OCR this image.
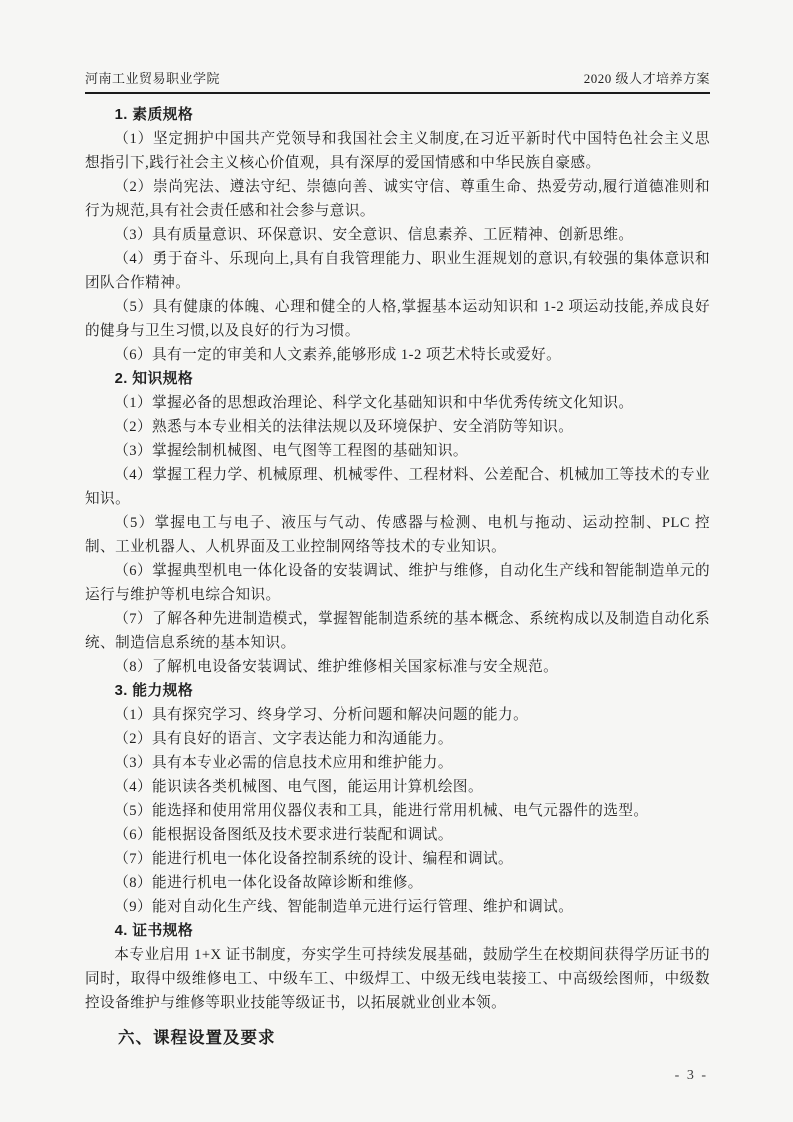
河南工业贸易职业学院	2020 级人才培养方案
1. 素质规格

（1）坚定拥护中国共产党领导和我国社会主义制度,在习近平新时代中国特色社会主义思想指引下,践行社会主义核心价值观，具有深厚的爱国情感和中华民族自豪感。

（2）崇尚宪法、遵法守纪、崇德向善、诚实守信、尊重生命、热爱劳动,履行道德准则和行为规范,具有社会责任感和社会参与意识。

（3）具有质量意识、环保意识、安全意识、信息素养、工匠精神、创新思维。

（4）勇于奋斗、乐现向上,具有自我管理能力、职业生涯规划的意识,有较强的集体意识和团队合作精神。

（5）具有健康的体魄、心理和健全的人格,掌握基本运动知识和 1-2 项运动技能,养成良好的健身与卫生习惯,以及良好的行为习惯。

（6）具有一定的审美和人文素养,能够形成 1-2 项艺术特长或爱好。

2. 知识规格

（1）掌握必备的思想政治理论、科学文化基础知识和中华优秀传统文化知识。

（2）熟悉与本专业相关的法律法规以及环境保护、安全消防等知识。

（3）掌握绘制机械图、电气图等工程图的基础知识。

（4）掌握工程力学、机械原理、机械零件、工程材料、公差配合、机械加工等技术的专业知识。

（5）掌握电工与电子、液压与气动、传感器与检测、电机与拖动、运动控制、PLC 控制、工业机器人、人机界面及工业控制网络等技术的专业知识。

（6）掌握典型机电一体化设备的安装调试、维护与维修，自动化生产线和智能制造单元的运行与维护等机电综合知识。

（7）了解各种先进制造模式，掌握智能制造系统的基本概念、系统构成以及制造自动化系统、制造信息系统的基本知识。

（8）了解机电设备安装调试、维护维修相关国家标准与安全规范。

3. 能力规格

（1）具有探究学习、终身学习、分析问题和解决问题的能力。

（2）具有良好的语言、文字表达能力和沟通能力。

（3）具有本专业必需的信息技术应用和维护能力。

（4）能识读各类机械图、电气图，能运用计算机绘图。

（5）能选择和使用常用仪器仪表和工具，能进行常用机械、电气元器件的选型。

（6）能根据设备图纸及技术要求进行装配和调试。

（7）能进行机电一体化设备控制系统的设计、编程和调试。

（8）能进行机电一体化设备故障诊断和维修。

（9）能对自动化生产线、智能制造单元进行运行管理、维护和调试。

4. 证书规格

本专业启用 1+X 证书制度，夯实学生可持续发展基础，鼓励学生在校期间获得学历证书的同时，取得中级维修电工、中级车工、中级焊工、中级无线电装接工、中高级绘图师，中级数控设备维护与维修等职业技能等级证书，以拓展就业创业本领。

六、课程设置及要求
- 3 -
